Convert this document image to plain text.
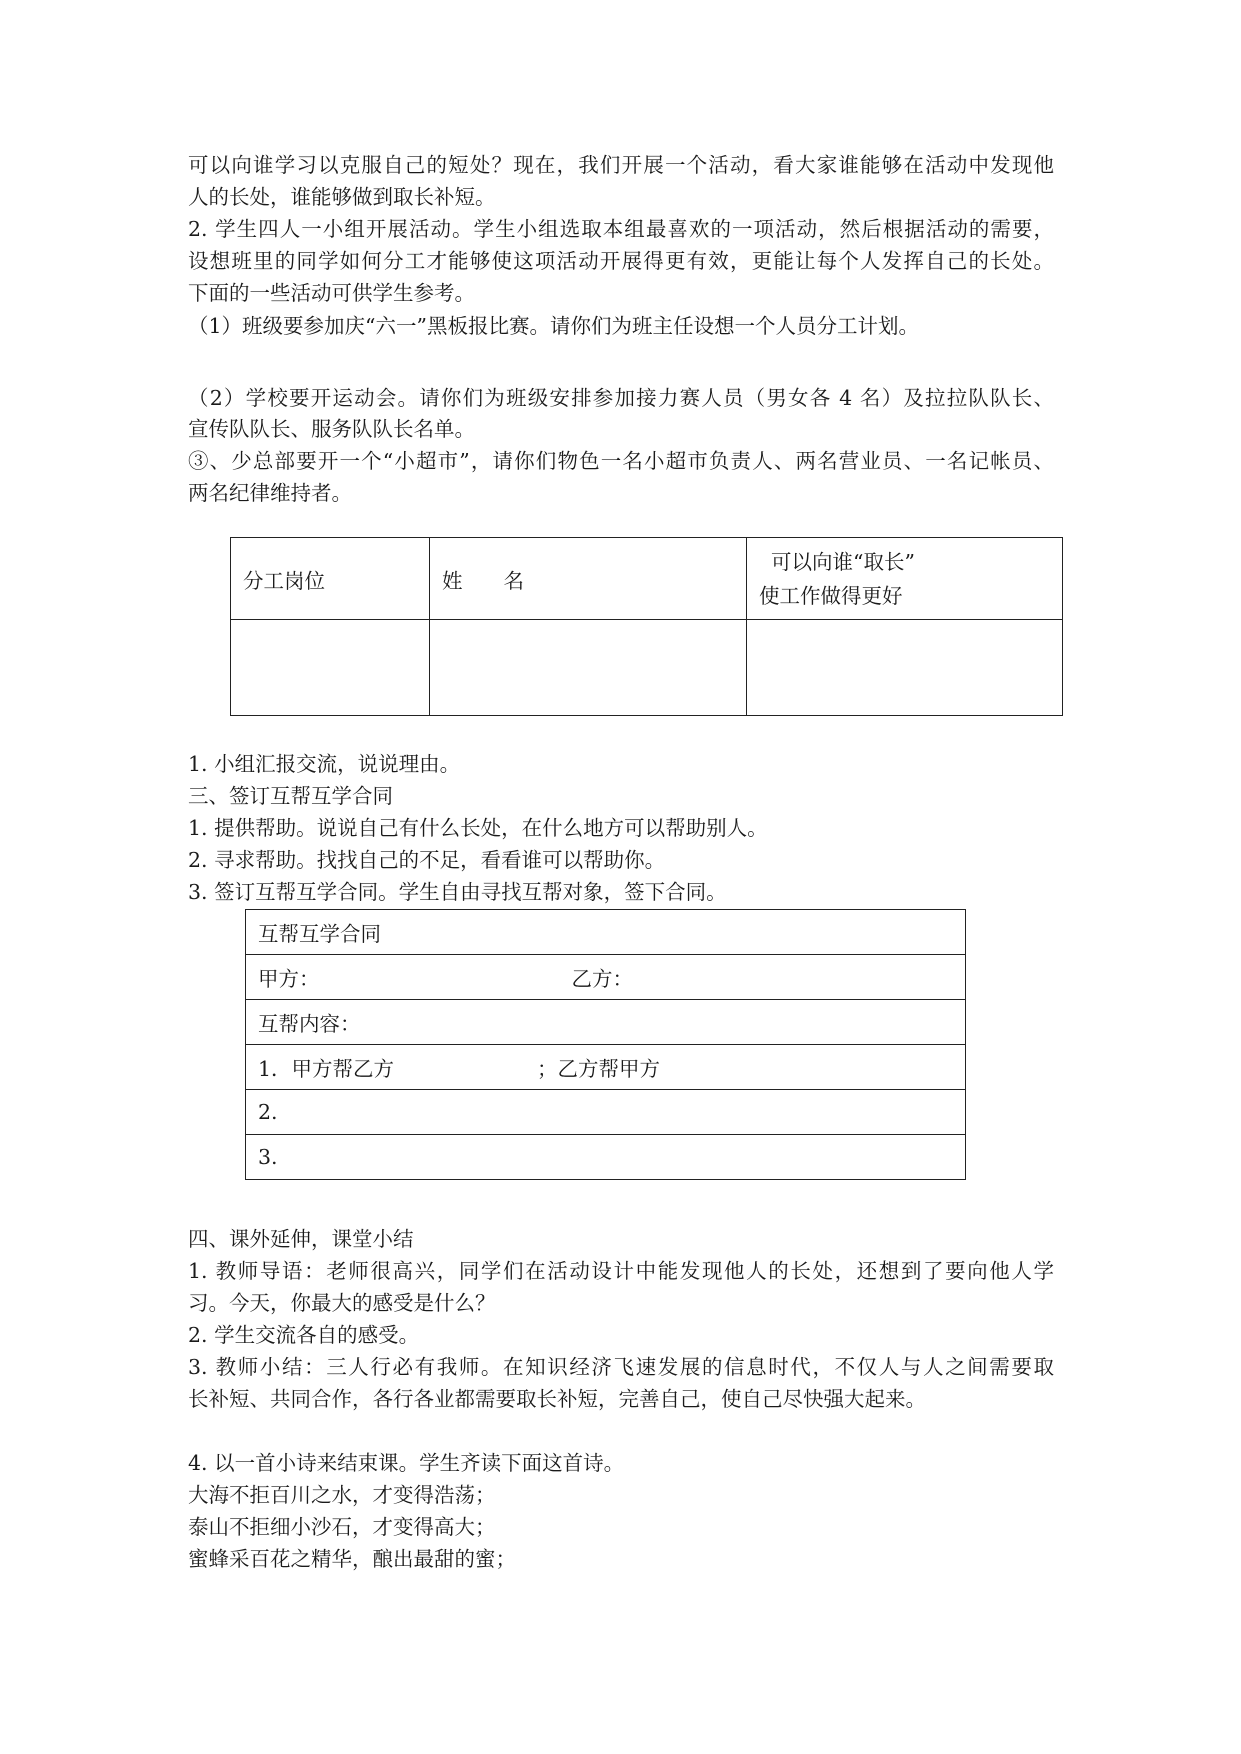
可以向谁学习以克服自己的短处？现在，我们开展一个活动，看大家谁能够在活动中发现他
人的长处，谁能够做到取长补短。
2. 学生四人一小组开展活动。学生小组选取本组最喜欢的一项活动，然后根据活动的需要，
设想班里的同学如何分工才能够使这项活动开展得更有效，更能让每个人发挥自己的长处。
下面的一些活动可供学生参考。
（1）班级要参加庆“六一”黑板报比赛。请你们为班主任设想一个人员分工计划。
（2）学校要开运动会。请你们为班级安排参加接力赛人员（男女各 4 名）及拉拉队队长、
宣传队队长、服务队队长名单。
③、少总部要开一个“小超市”，请你们物色一名小超市负责人、两名营业员、一名记帐员、
两名纪律维持者。
分工岗位	姓　　名	可以向谁“取长”
使工作做得更好

1. 小组汇报交流，说说理由。
三、签订互帮互学合同
1. 提供帮助。说说自己有什么长处，在什么地方可以帮助别人。
2. 寻求帮助。找找自己的不足，看看谁可以帮助你。
3. 签订互帮互学合同。学生自由寻找互帮对象，签下合同。
互帮互学合同
甲方：	乙方：
互帮内容：
1．甲方帮乙方	；乙方帮甲方
2.
3.
四、课外延伸，课堂小结
1. 教师导语：老师很高兴，同学们在活动设计中能发现他人的长处，还想到了要向他人学
习。今天，你最大的感受是什么？
2. 学生交流各自的感受。
3. 教师小结：三人行必有我师。在知识经济飞速发展的信息时代，不仅人与人之间需要取
长补短、共同合作，各行各业都需要取长补短，完善自己，使自己尽快强大起来。
4. 以一首小诗来结束课。学生齐读下面这首诗。
大海不拒百川之水，才变得浩荡；
泰山不拒细小沙石，才变得高大；
蜜蜂采百花之精华，酿出最甜的蜜；
